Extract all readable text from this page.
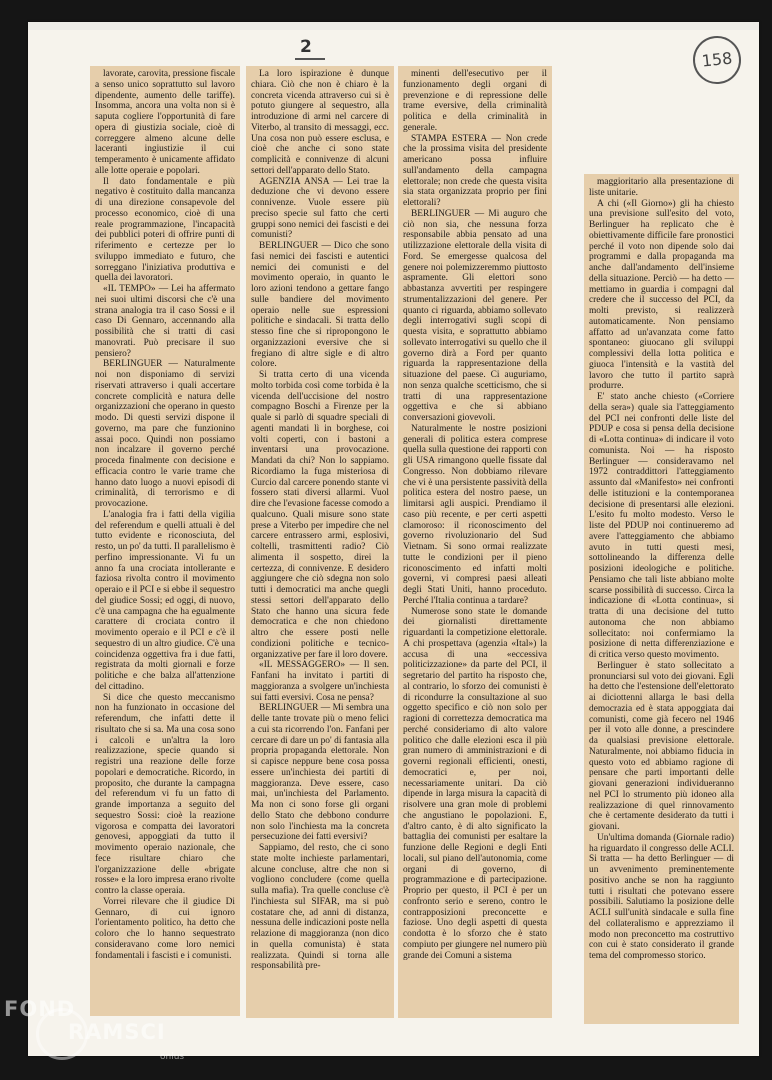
2
158

lavorate, carovita, pressione fiscale a senso unico soprattutto sul lavoro dipendente, aumento delle tariffe). Insomma, ancora una volta non si è saputa cogliere l'opportunità di fare opera di giustizia sociale, cioè di correggere almeno alcune delle laceranti ingiustizie il cui temperamento è unicamente affidato alle lotte operaie e popolari.

Il dato fondamentale e più negativo è costituito dalla mancanza di una direzione consapevole del processo economico, cioè di una reale programmazione, l'incapacità dei pubblici poteri di offrire punti di riferimento e certezze per lo sviluppo immediato e futuro, che sorreggano l'iniziativa produttiva e quella dei lavoratori.

«IL TEMPO» — Lei ha affermato nei suoi ultimi discorsi che c'è una strana analogia tra il caso Sossi e il caso Di Gennaro, accennando alla possibilità che si tratti di casi manovrati. Può precisare il suo pensiero?

BERLINGUER — Naturalmente noi non disponiamo di servizi riservati attraverso i quali accertare concrete complicità e natura delle organizzazioni che operano in questo modo. Di questi servizi dispone il governo, ma pare che funzionino assai poco. Quindi non possiamo non incalzare il governo perché proceda finalmente con decisione e efficacia contro le varie trame che hanno dato luogo a nuovi episodi di criminalità, di terrorismo e di provocazione.

L'analogia fra i fatti della vigilia del referendum e quelli attuali è del tutto evidente e riconosciuta, del resto, un po' da tutti. Il parallelismo è perfino impressionante. Vi fu un anno fa una crociata intollerante e faziosa rivolta contro il movimento operaio e il PCI e si ebbe il sequestro del giudice Sossi; ed oggi, di nuovo, c'è una campagna che ha egualmente carattere di crociata contro il movimento operaio e il PCI e c'è il sequestro di un altro giudice. C'è una coincidenza oggettiva fra i due fatti, registrata da molti giornali e forze politiche e che balza all'attenzione del cittadino.

Si dice che questo meccanismo non ha funzionato in occasione del referendum, che infatti dette il risultato che si sa. Ma una cosa sono i calcoli e un'altra la loro realizzazione, specie quando si registri una reazione delle forze popolari e democratiche. Ricordo, in proposito, che durante la campagna del referendum vi fu un fatto di grande importanza a seguito del sequestro Sossi: cioè la reazione vigorosa e compatta dei lavoratori genovesi, appoggiati da tutto il movimento operaio nazionale, che fece risultare chiaro che l'organizzazione delle «brigate rosse» e la loro impresa erano rivolte contro la classe operaia.

Vorrei rilevare che il giudice Di Gennaro, di cui ignoro l'orientamento politico, ha detto che coloro che lo hanno sequestrato consideravano come loro nemici fondamentali i fascisti e i comunisti.

La loro ispirazione è dunque chiara. Ciò che non è chiaro è la concreta vicenda attraverso cui si è potuto giungere al sequestro, alla introduzione di armi nel carcere di Viterbo, al transito di messaggi, ecc. Una cosa non può essere esclusa, e cioè che anche ci sono state complicità e connivenze di alcuni settori dell'apparato dello Stato.

AGENZIA ANSA — Lei trae la deduzione che vi devono essere connivenze. Vuole essere più preciso specie sul fatto che certi gruppi sono nemici dei fascisti e dei comunisti?

BERLINGUER — Dico che sono fasi nemici dei fascisti e autentici nemici dei comunisti e del movimento operaio, in quanto le loro azioni tendono a gettare fango sulle bandiere del movimento operaio nelle sue espressioni politiche e sindacali. Si tratta dello stesso fine che si ripropongono le organizzazioni eversive che si fregiano di altre sigle e di altro colore.

Si tratta certo di una vicenda molto torbida così come torbida è la vicenda dell'uccisione del nostro compagno Boschi a Firenze per la quale si parlò di squadre speciali di agenti mandati lì in borghese, coi volti coperti, con i bastoni a inventarsi una provocazione. Mandati da chi? Non lo sappiamo. Ricordiamo la fuga misteriosa di Curcio dal carcere ponendo stante vi fossero stati diversi allarmi. Vuol dire che l'evasione facesse comodo a qualcuno. Quali misure sono state prese a Viterbo per impedire che nel carcere entrassero armi, esplosivi, coltelli, trasmittenti radio? Ciò alimenta il sospetto, direi la certezza, di connivenze. E desidero aggiungere che ciò sdegna non solo tutti i democratici ma anche quegli stessi settori dell'apparato dello Stato che hanno una sicura fede democratica e che non chiedono altro che essere posti nelle condizioni politiche e tecnico-organizzative per fare il loro dovere.

«IL MESSAGGERO» — Il sen. Fanfani ha invitato i partiti di maggioranza a svolgere un'inchiesta sui fatti eversivi. Cosa ne pensa?

BERLINGUER — Mi sembra una delle tante trovate più o meno felici a cui sta ricorrendo l'on. Fanfani per cercare di dare un po' di fantasia alla propria propaganda elettorale. Non si capisce neppure bene cosa possa essere un'inchiesta dei partiti di maggioranza. Deve essere, caso mai, un'inchiesta del Parlamento. Ma non ci sono forse gli organi dello Stato che debbono condurre non solo l'inchiesta ma la concreta persecuzione dei fatti eversivi?

Sappiamo, del resto, che ci sono state molte inchieste parlamentari, alcune concluse, altre che non si vogliono concludere (come quella sulla mafia). Tra quelle concluse c'è l'inchiesta sul SIFAR, ma si può costatare che, ad anni di distanza, nessuna delle indicazioni poste nella relazione di maggioranza (non dico in quella comunista) è stata realizzata. Quindi si torna alle responsabilità pre-

minenti dell'esecutivo per il funzionamento degli organi di prevenzione e di repressione delle trame eversive, della criminalità politica e della criminalità in generale.

STAMPA ESTERA — Non crede che la prossima visita del presidente americano possa influire sull'andamento della campagna elettorale; non crede che questa visita sia stata organizzata proprio per fini elettorali?

BERLINGUER — Mi auguro che ciò non sia, che nessuna forza responsabile abbia pensato ad una utilizzazione elettorale della visita di Ford. Se emergesse qualcosa del genere noi polemizzeremmo piuttosto aspramente. Gli elettori sono abbastanza avvertiti per respingere strumentalizzazioni del genere. Per quanto ci riguarda, abbiamo sollevato degli interrogativi sugli scopi di questa visita, e soprattutto abbiamo sollevato interrogativi su quello che il governo dirà a Ford per quanto riguarda la rappresentazione della situazione del paese. Ci auguriamo, non senza qualche scetticismo, che si tratti di una rappresentazione oggettiva e che si abbiano conversazioni giovevoli.

Naturalmente le nostre posizioni generali di politica estera comprese quella sulla questione dei rapporti con gli USA rimangono quelle fissate dal Congresso. Non dobbiamo rilevare che vi è una persistente passività della politica estera del nostro paese, un limitarsi agli auspici. Prendiamo il caso più recente, e per certi aspetti clamoroso: il riconoscimento del governo rivoluzionario del Sud Vietnam. Si sono ormai realizzate tutte le condizioni per il pieno riconoscimento ed infatti molti governi, vi compresi paesi alleati degli Stati Uniti, hanno proceduto. Perché l'Italia continua a tardare?

Numerose sono state le domande dei giornalisti direttamente riguardanti la competizione elettorale. A chi prospettava (agenzia «Ital») la accusa di una «eccessiva politicizzazione» da parte del PCI, il segretario del partito ha risposto che, al contrario, lo sforzo dei comunisti è di ricondurre la consultazione al suo oggetto specifico e ciò non solo per ragioni di correttezza democratica ma perché consideriamo di alto valore politico che dalle elezioni esca il più gran numero di amministrazioni e di governi regionali efficienti, onesti, democratici e, per noi, necessariamente unitari. Da ciò dipende in larga misura la capacità di risolvere una gran mole di problemi che angustiano le popolazioni. E, d'altro canto, è di alto significato la battaglia dei comunisti per esaltare la funzione delle Regioni e degli Enti locali, sul piano dell'autonomia, come organi di governo, di programmazione e di partecipazione. Proprio per questo, il PCI è per un confronto serio e sereno, contro le contrapposizioni preconcette e faziose. Uno degli aspetti di questa condotta è lo sforzo che è stato compiuto per giungere nel numero più grande dei Comuni a sistema

maggioritario alla presentazione di liste unitarie.

A chi («Il Giorno») gli ha chiesto una previsione sull'esito del voto, Berlinguer ha replicato che è obiettivamente difficile fare pronostici perché il voto non dipende solo dai programmi e dalla propaganda ma anche dall'andamento dell'insieme della situazione. Perciò — ha detto — mettiamo in guardia i compagni dal credere che il successo del PCI, da molti previsto, si realizzerà automaticamente. Non pensiamo affatto ad un'avanzata come fatto spontaneo: giuocano gli sviluppi complessivi della lotta politica e giuoca l'intensità e la vastità del lavoro che tutto il partito saprà produrre.

E' stato anche chiesto («Corriere della sera») quale sia l'atteggiamento del PCI nei confronti delle liste del PDUP e cosa si pensa della decisione di «Lotta continua» di indicare il voto comunista. Noi — ha risposto Berlinguer — consideravamo nel 1972 contraddittori l'atteggiamento assunto dal «Manifesto» nei confronti delle istituzioni e la contemporanea decisione di presentarsi alle elezioni. L'esito fu molto modesto. Verso le liste del PDUP noi continueremo ad avere l'atteggiamento che abbiamo avuto in tutti questi mesi, sottolineando la differenza delle posizioni ideologiche e politiche. Pensiamo che tali liste abbiano molte scarse possibilità di successo. Circa la indicazione di «Lotta continua», si tratta di una decisione del tutto autonoma che non abbiamo sollecitato: noi confermiamo la posizione di netta differenziazione e di critica verso questo movimento.

Berlinguer è stato sollecitato a pronunciarsi sul voto dei giovani. Egli ha detto che l'estensione dell'elettorato ai diciottenni allarga le basi della democrazia ed è stata appoggiata dai comunisti, come già fecero nel 1946 per il voto alle donne, a prescindere da qualsiasi previsione elettorale. Naturalmente, noi abbiamo fiducia in questo voto ed abbiamo ragione di pensare che parti importanti delle giovani generazioni individueranno nel PCI lo strumento più idoneo alla realizzazione di quel rinnovamento che è certamente desiderato da tutti i giovani.

Un'ultima domanda (Giornale radio) ha riguardato il congresso delle ACLI. Si tratta — ha detto Berlinguer — di un avvenimento preminentemente positivo anche se non ha raggiunto tutti i risultati che potevano essere possibili. Salutiamo la posizione delle ACLI sull'unità sindacale e sulla fine del collateralismo e apprezziamo il modo non preconcetto ma costruttivo con cui è stato considerato il grande tema del compromesso storico.

FOND
RAMSCI
onlus
